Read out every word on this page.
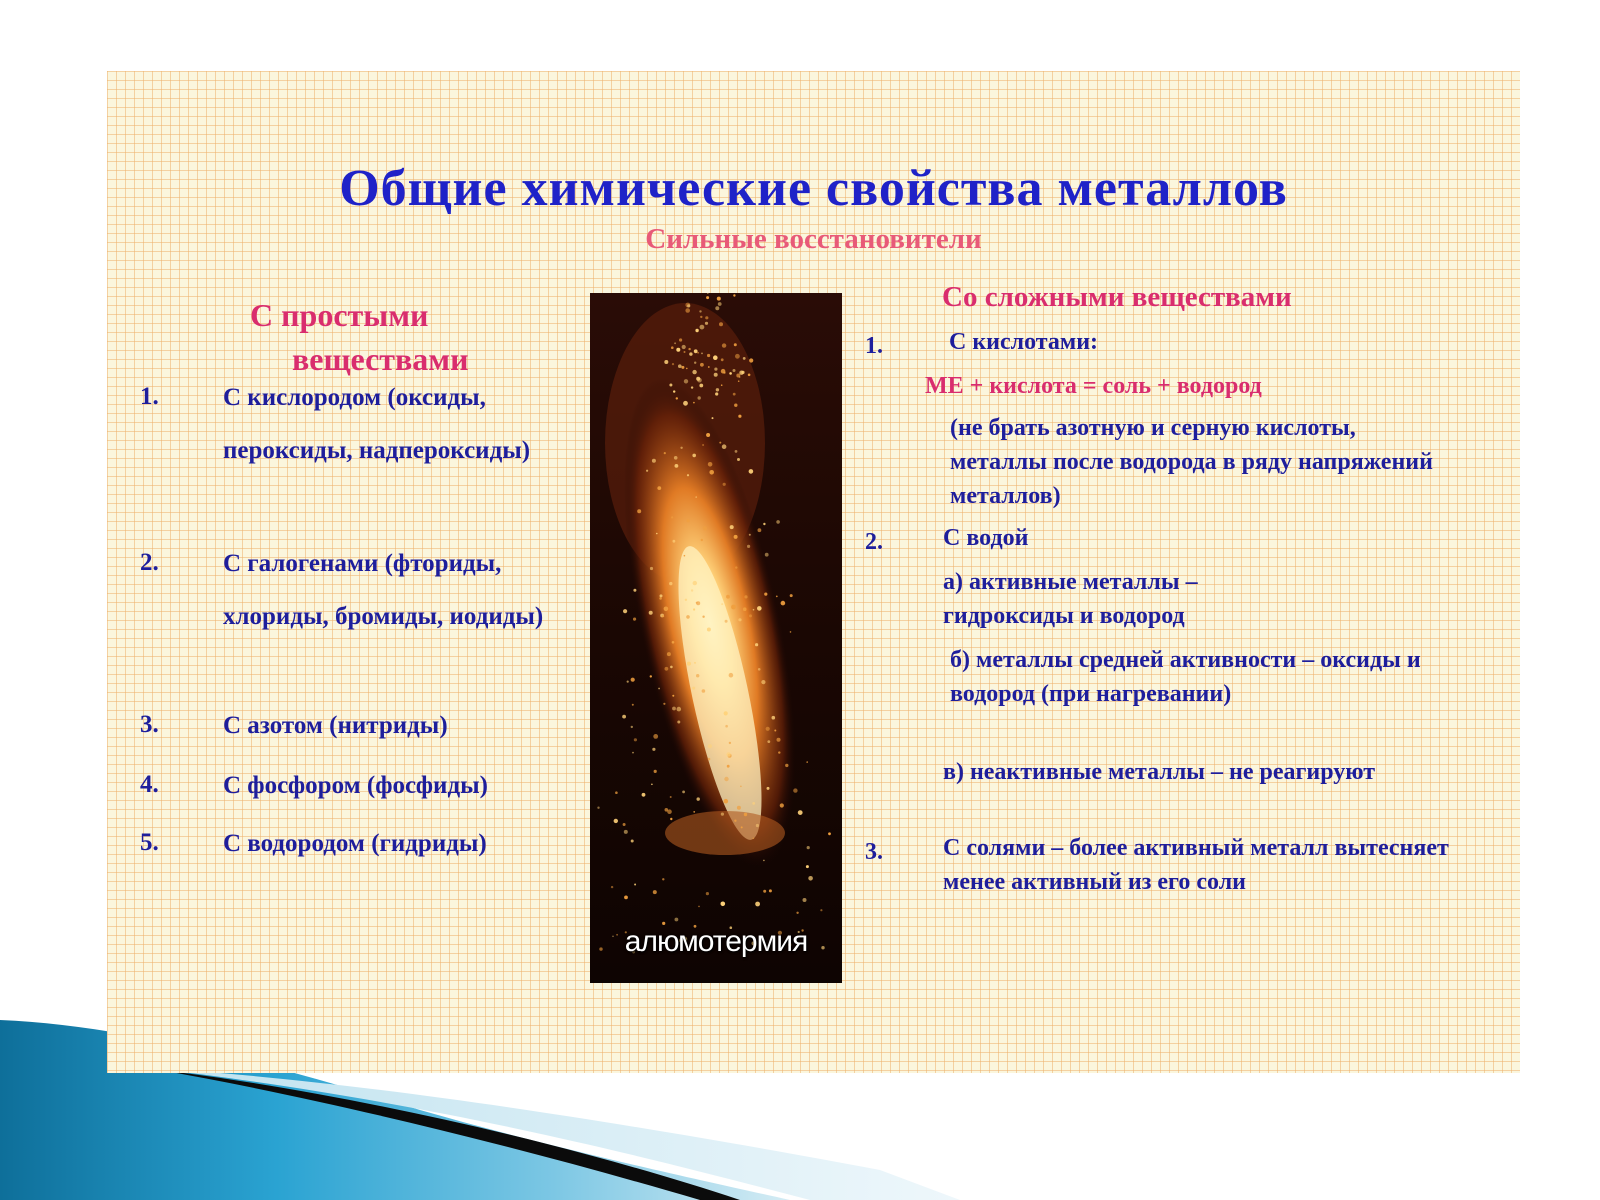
Общие химические свойства металлов
Сильные восстановители
С простыми
веществами
1.	С кислородом (оксиды, пероксиды, надпероксиды)
2.	С галогенами (фториды, хлориды, бромиды, иодиды)
3.	С азотом (нитриды)
4.	С фосфором (фосфиды)
5.	С водородом (гидриды)
алюмотермия
Со сложными веществами
1.	С кислотами:
МЕ + кислота = соль + водород
(не брать азотную и серную кислоты, металлы после водорода в ряду напряжений металлов)
2.	С водой
а) активные металлы – гидроксиды и водород
б) металлы средней активности – оксиды и водород (при нагревании)
в) неактивные металлы – не реагируют
3.	С солями – более активный металл вытесняет менее активный из его соли
